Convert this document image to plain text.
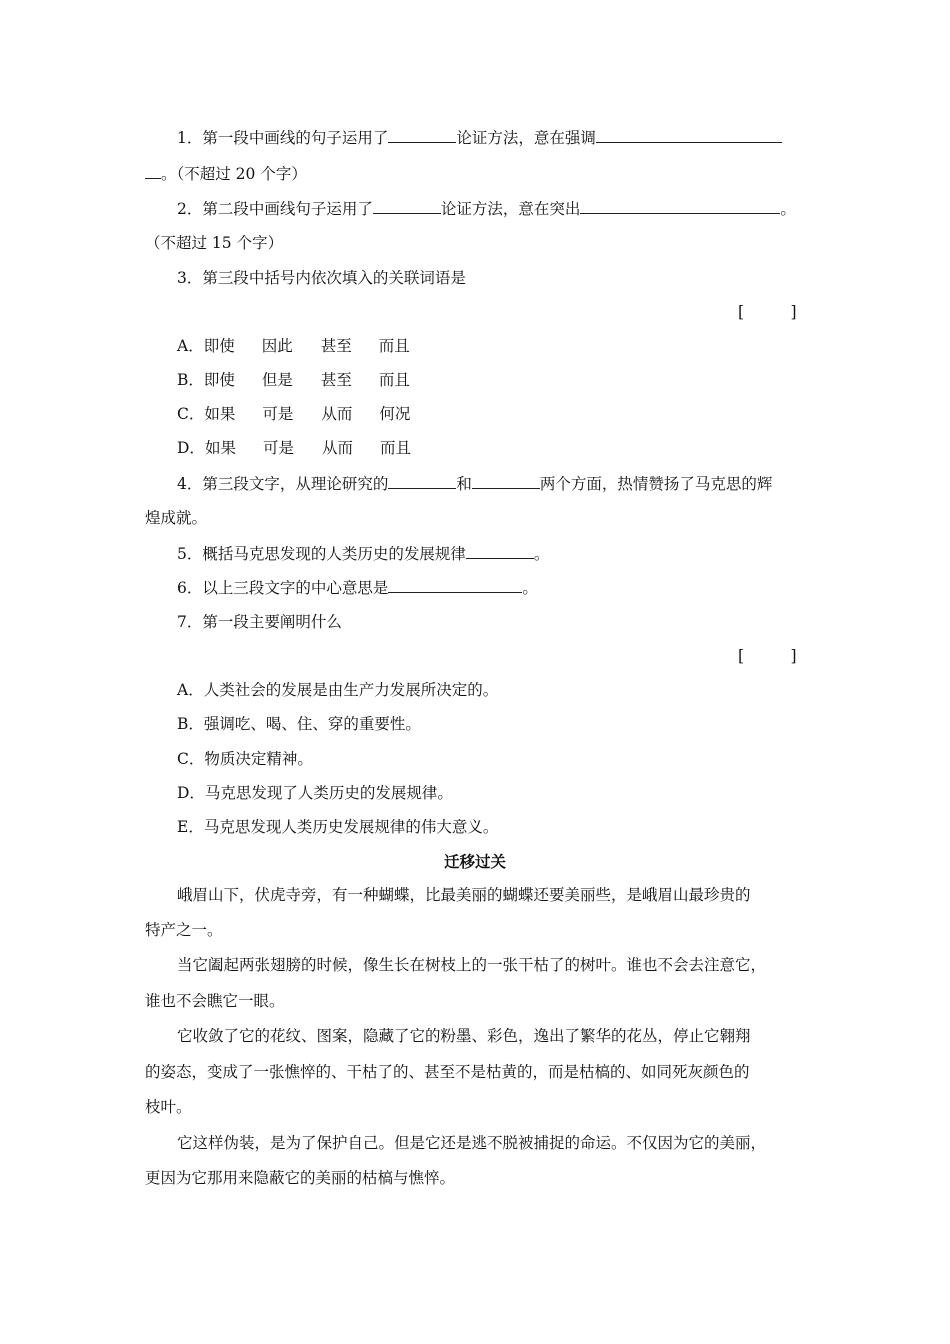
1．第一段中画线的句子运用了	论证方法，意在强调
。（不超过 20 个字）
2．第二段中画线句子运用了	论证方法，意在突出	。
（不超过 15 个字）
3．第三段中括号内依次填入的关联词语是
[　　　]
A．即使 因此 甚至 而且
B．即使 但是 甚至 而且
C．如果 可是 从而 何况
D．如果 可是 从而 而且
4．第三段文字，从理论研究的	和	两个方面，热情赞扬了马克思的辉
煌成就。
5．概括马克思发现的人类历史的发展规律	。
6．以上三段文字的中心意思是	。
7．第一段主要阐明什么
[　　　]
A．人类社会的发展是由生产力发展所决定的。
B．强调吃、喝、住、穿的重要性。
C．物质决定精神。
D．马克思发现了人类历史的发展规律。
E．马克思发现人类历史发展规律的伟大意义。
迁移过关
峨眉山下，伏虎寺旁，有一种蝴蝶，比最美丽的蝴蝶还要美丽些，是峨眉山最珍贵的
特产之一。
当它阖起两张翅膀的时候，像生长在树枝上的一张干枯了的树叶。谁也不会去注意它，
谁也不会瞧它一眼。
它收敛了它的花纹、图案，隐藏了它的粉墨、彩色，逸出了繁华的花丛，停止它翱翔
的姿态，变成了一张憔悴的、干枯了的、甚至不是枯黄的，而是枯槁的、如同死灰颜色的
枝叶。
它这样伪装，是为了保护自己。但是它还是逃不脱被捕捉的命运。不仅因为它的美丽，
更因为它那用来隐蔽它的美丽的枯槁与憔悴。
